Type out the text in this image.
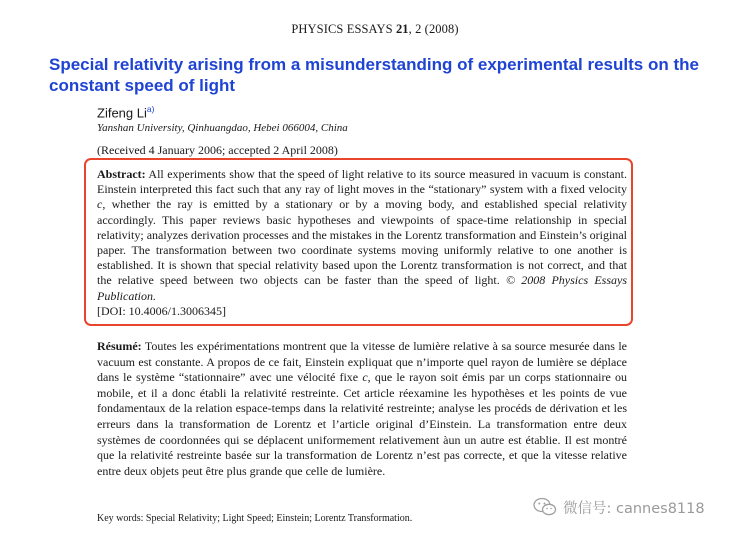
PHYSICS ESSAYS 21, 2 (2008)
Special relativity arising from a misunderstanding of experimental results on the constant speed of light
Zifeng Li$^{a)}$
Yanshan University, Qinhuangdao, Hebei 066004, China
(Received 4 January 2006; accepted 2 April 2008)
Abstract: All experiments show that the speed of light relative to its source measured in vacuum is constant. Einstein interpreted this fact such that any ray of light moves in the “stationary” system with a fixed velocity c, whether the ray is emitted by a stationary or by a moving body, and established special relativity accordingly. This paper reviews basic hypotheses and viewpoints of space-time relationship in special relativity; analyzes derivation processes and the mistakes in the Lorentz transformation and Einstein’s original paper. The transformation between two coordinate systems moving uniformly relative to one another is established. It is shown that special relativity based upon the Lorentz transformation is not correct, and that the relative speed between two objects can be faster than the speed of light. © 2008 Physics Essays Publication.
[DOI: 10.4006/1.3006345]
Résumé: Toutes les expérimentations montrent que la vitesse de lumière relative à sa source mesurée dans le vacuum est constante. A propos de ce fait, Einstein expliquat que n’importe quel rayon de lumière se déplace dans le système “stationnaire” avec une vélocité fixe c, que le rayon soit émis par un corps stationnaire ou mobile, et il a donc établi la relativité restreinte. Cet article réexamine les hypothèses et les points de vue fondamentaux de la relation espace-temps dans la relativité restreinte; analyse les procéds de dérivation et les erreurs dans la transformation de Lorentz et l’article original d’Einstein. La transformation entre deux systèmes de coordonnées qui se déplacent uniformement relativement àun un autre est établie. Il est montré que la relativité restreinte basée sur la transformation de Lorentz n’est pas correcte, et que la vitesse relative entre deux objets peut être plus grande que celle de lumière.
Key words: Special Relativity; Light Speed; Einstein; Lorentz Transformation.
微信号: cannes8118
